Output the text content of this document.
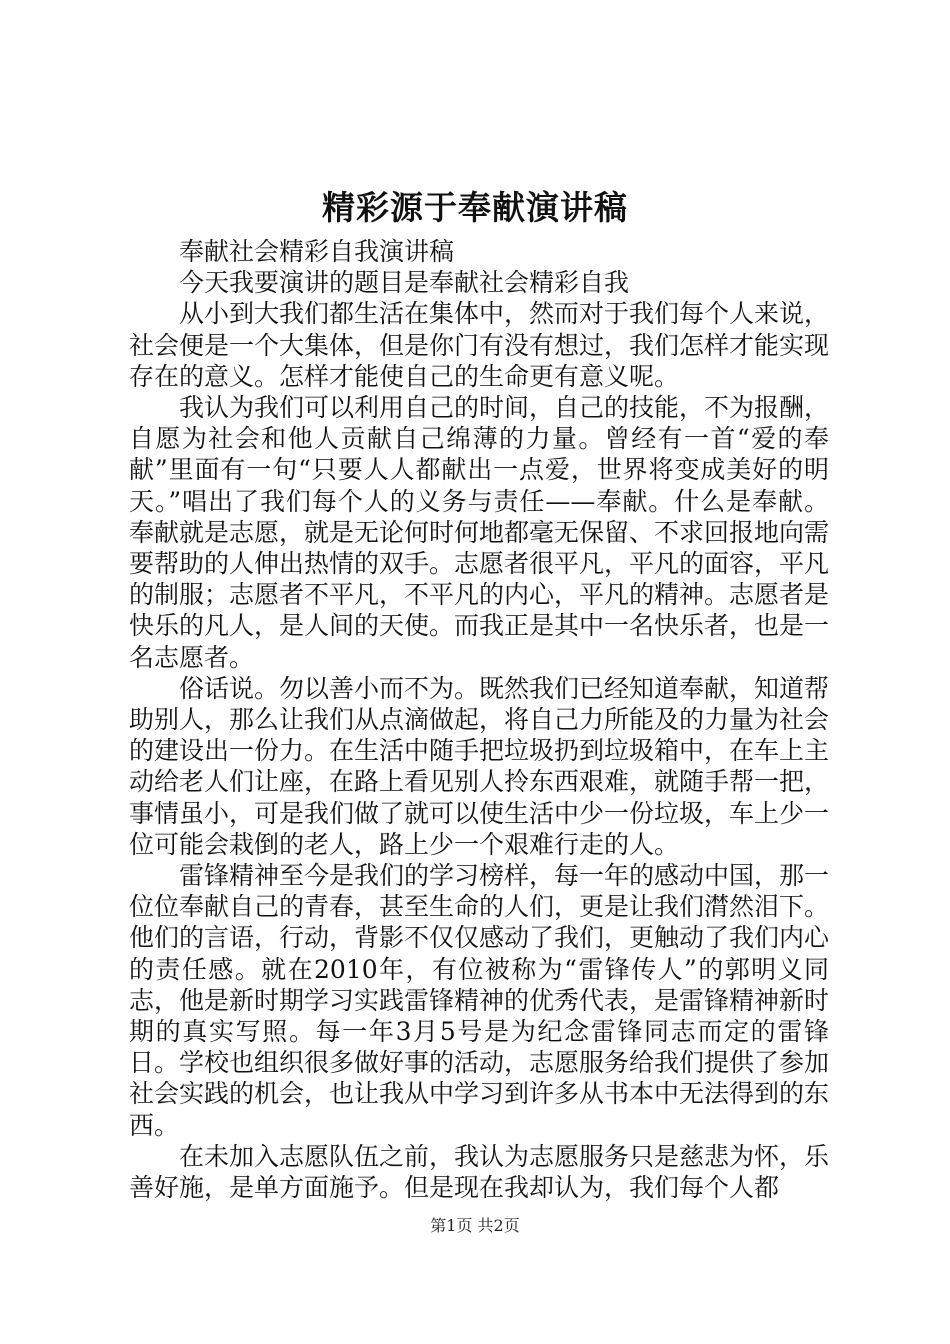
精彩源于奉献演讲稿

奉献社会精彩自我演讲稿

今天我要演讲的题目是奉献社会精彩自我

从小到大我们都生活在集体中，然而对于我们每个人来说，社会便是一个大集体，但是你门有没有想过，我们怎样才能实现存在的意义。怎样才能使自己的生命更有意义呢。

我认为我们可以利用自己的时间，自己的技能，不为报酬，自愿为社会和他人贡献自己绵薄的力量。曾经有一首“爱的奉献”里面有一句“只要人人都献出一点爱，世界将变成美好的明天。”唱出了我们每个人的义务与责任——奉献。什么是奉献。奉献就是志愿，就是无论何时何地都毫无保留、不求回报地向需要帮助的人伸出热情的双手。志愿者很平凡，平凡的面容，平凡的制服；志愿者不平凡，不平凡的内心，平凡的精神。志愿者是快乐的凡人，是人间的天使。而我正是其中一名快乐者，也是一名志愿者。

俗话说。勿以善小而不为。既然我们已经知道奉献，知道帮助别人，那么让我们从点滴做起，将自己力所能及的力量为社会的建设出一份力。在生活中随手把垃圾扔到垃圾箱中，在车上主动给老人们让座，在路上看见别人拎东西艰难，就随手帮一把，事情虽小，可是我们做了就可以使生活中少一份垃圾，车上少一位可能会栽倒的老人，路上少一个艰难行走的人。

雷锋精神至今是我们的学习榜样，每一年的感动中国，那一位位奉献自己的青春，甚至生命的人们，更是让我们潸然泪下。他们的言语，行动，背影不仅仅感动了我们，更触动了我们内心的责任感。就在2010年，有位被称为“雷锋传人”的郭明义同志，他是新时期学习实践雷锋精神的优秀代表，是雷锋精神新时期的真实写照。每一年3月5号是为纪念雷锋同志而定的雷锋日。学校也组织很多做好事的活动，志愿服务给我们提供了参加社会实践的机会，也让我从中学习到许多从书本中无法得到的东西。

在未加入志愿队伍之前，我认为志愿服务只是慈悲为怀，乐善好施，是单方面施予。但是现在我却认为，我们每个人都

第1页 共2页
